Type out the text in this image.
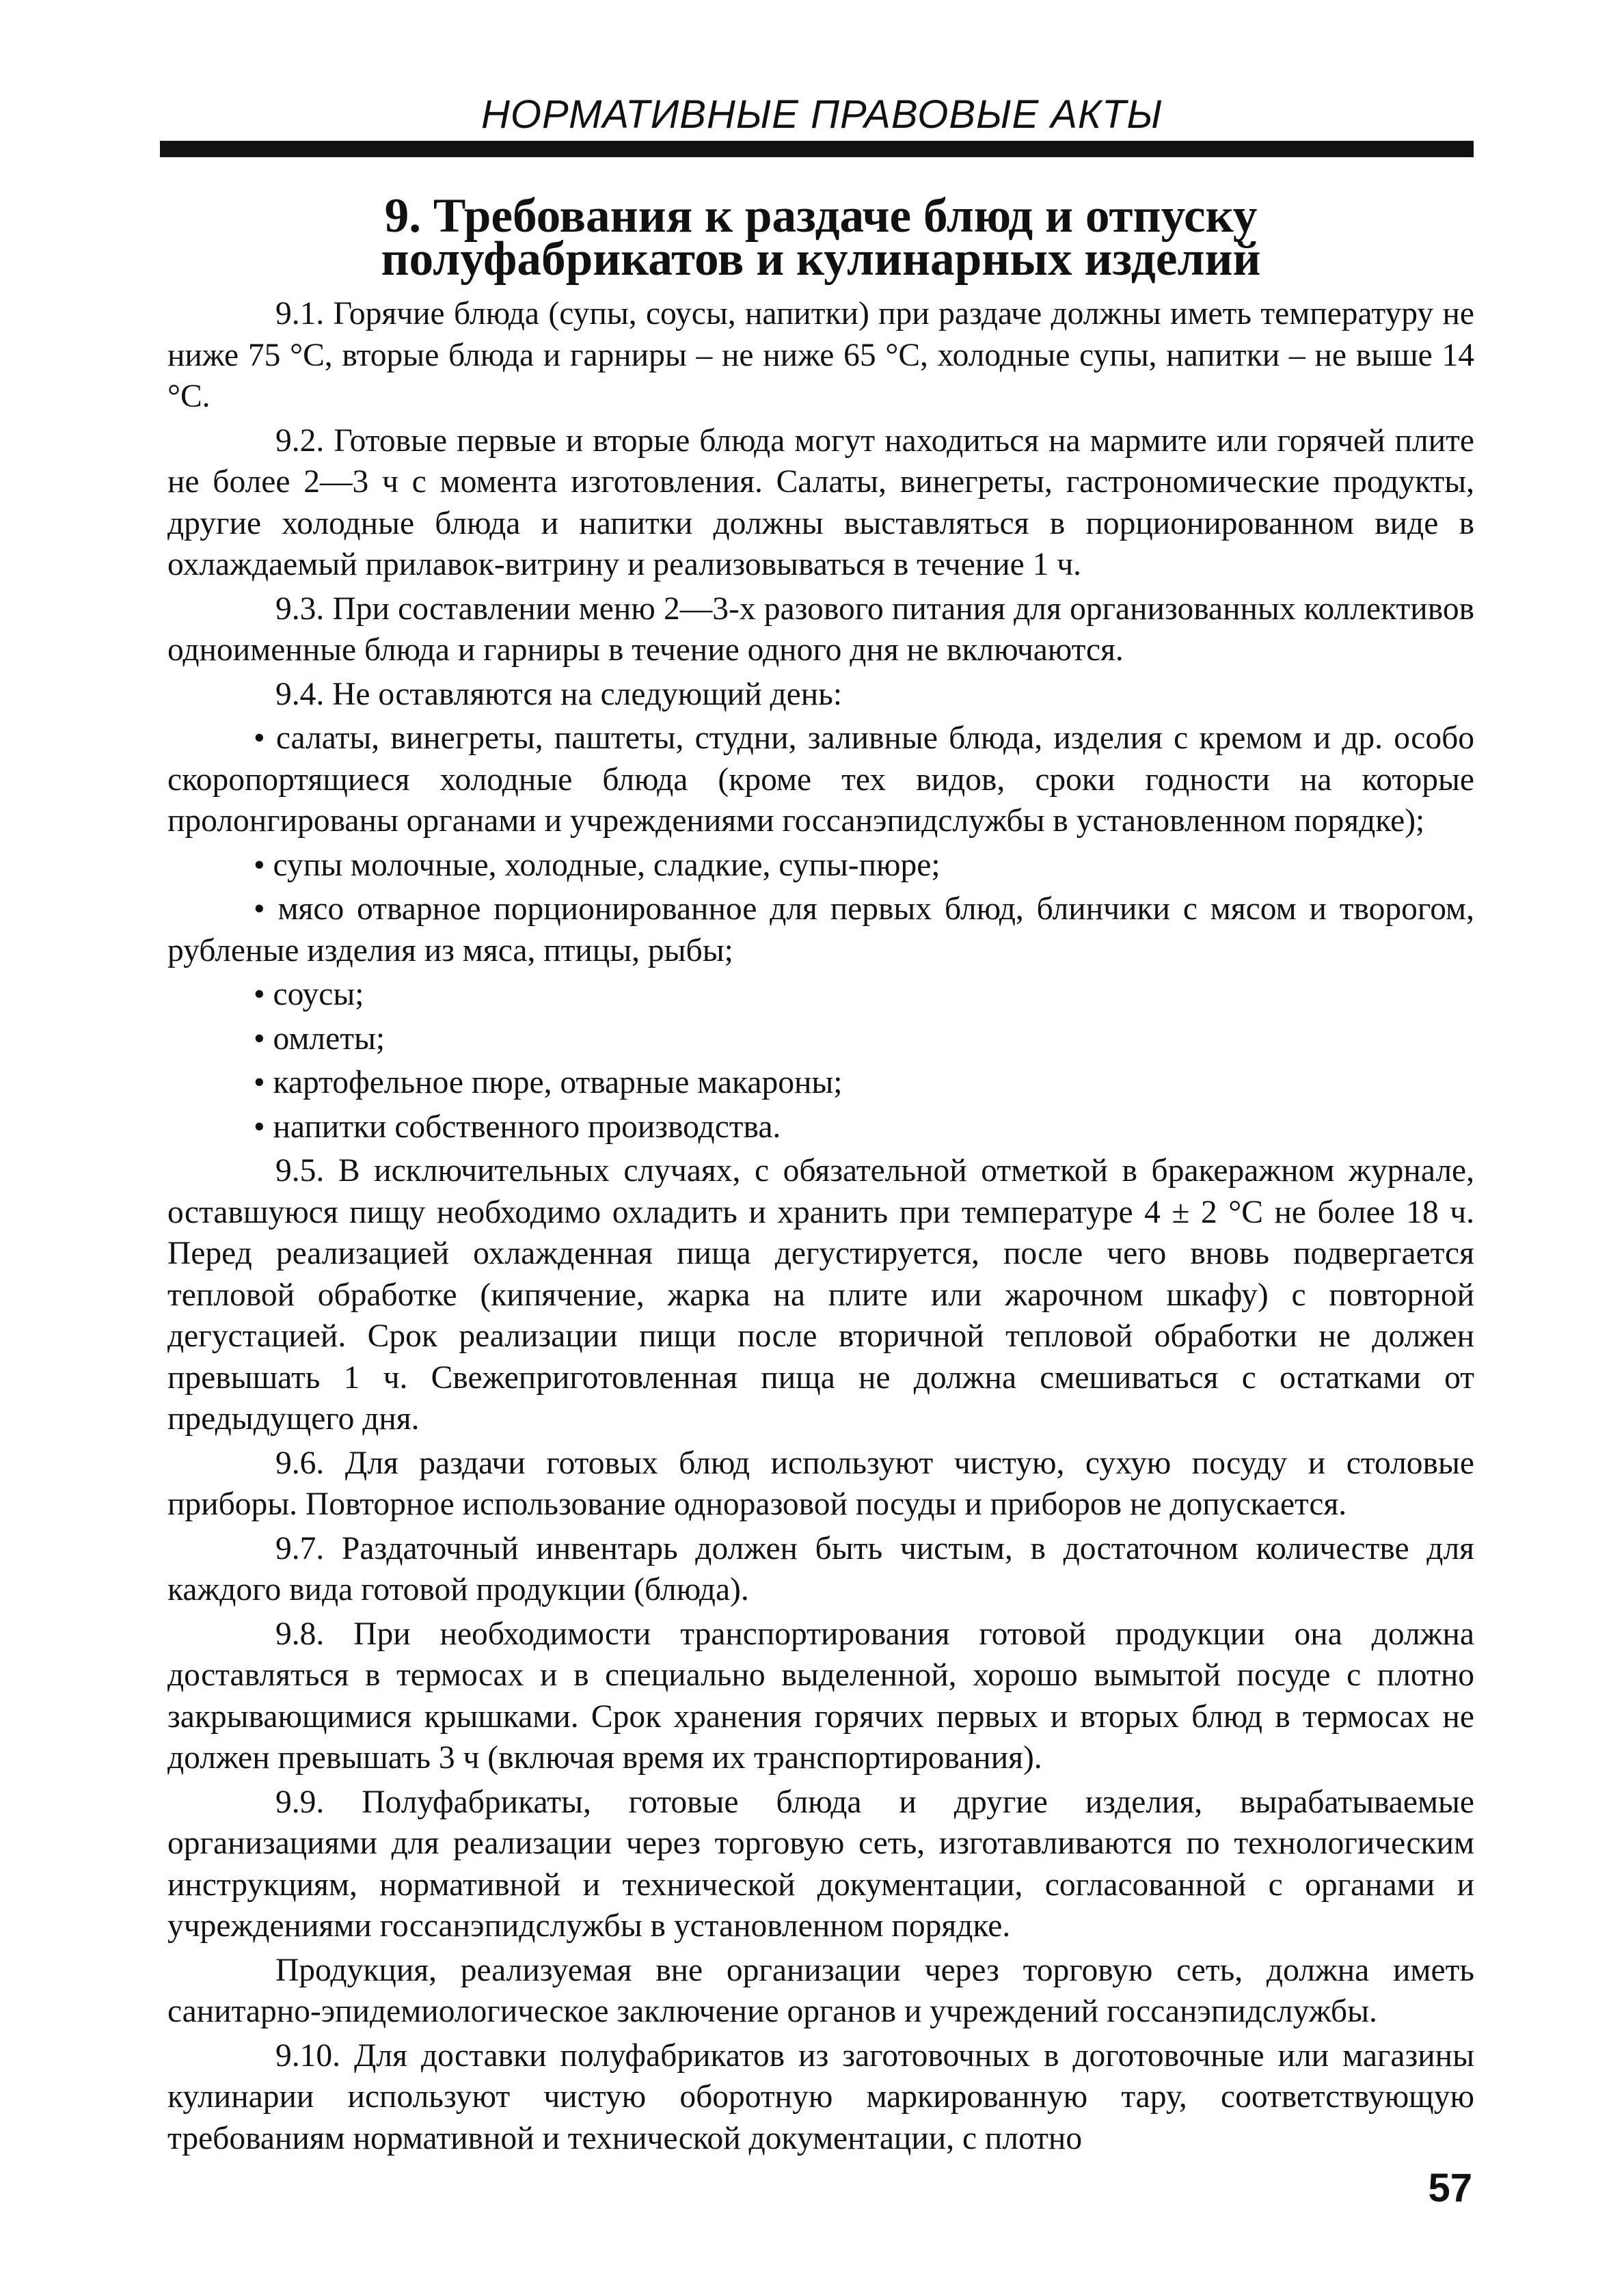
НОРМАТИВНЫЕ ПРАВОВЫЕ АКТЫ
9. Требования к раздаче блюд и отпуску
полуфабрикатов и кулинарных изделий

9.1. Горячие блюда (супы, соусы, напитки) при раздаче должны иметь температуру не ниже 75 °С, вторые блюда и гарниры – не ниже 65 °С, холодные супы, напитки – не выше 14 °С.

9.2. Готовые первые и вторые блюда могут находиться на мармите или горячей плите не более 2—3 ч с момента изготовления. Салаты, винегреты, гастрономические продукты, другие холодные блюда и напитки должны выставляться в порционированном виде в охлаждаемый прилавок-витрину и реализовываться в течение 1 ч.

9.3. При составлении меню 2—3-х разового питания для организованных коллективов одноименные блюда и гарниры в течение одного дня не включаются.

9.4. Не оставляются на следующий день:

• салаты, винегреты, паштеты, студни, заливные блюда, изделия с кремом и др. особо скоропортящиеся холодные блюда (кроме тех видов, сроки годности на которые пролонгированы органами и учреждениями госсанэпидслужбы в установленном порядке);

• супы молочные, холодные, сладкие, супы-пюре;

• мясо отварное порционированное для первых блюд, блинчики с мясом и творогом, рубленые изделия из мяса, птицы, рыбы;

• соусы;

• омлеты;

• картофельное пюре, отварные макароны;

• напитки собственного производства.

9.5. В исключительных случаях, с обязательной отметкой в бракеражном журнале, оставшуюся пищу необходимо охладить и хранить при температуре 4 ± 2 °С не более 18 ч. Перед реализацией охлажденная пища дегустируется, после чего вновь подвергается тепловой обработке (кипячение, жарка на плите или жарочном шкафу) с повторной дегустацией. Срок реализации пищи после вторичной тепловой обработки не должен превышать 1 ч. Свежеприготовленная пища не должна смешиваться с остатками от предыдущего дня.

9.6. Для раздачи готовых блюд используют чистую, сухую посуду и столовые приборы. Повторное использование одноразовой посуды и приборов не допускается.

9.7. Раздаточный инвентарь должен быть чистым, в достаточном количестве для каждого вида готовой продукции (блюда).

9.8. При необходимости транспортирования готовой продукции она должна доставляться в термосах и в специально выделенной, хорошо вымытой посуде с плотно закрывающимися крышками. Срок хранения горячих первых и вторых блюд в термосах не должен превышать 3 ч (включая время их транспортирования).

9.9. Полуфабрикаты, готовые блюда и другие изделия, вырабатываемые организациями для реализации через торговую сеть, изготавливаются по технологическим инструкциям, нормативной и технической документации, согласованной с органами и учреждениями госсанэпидслужбы в установленном порядке.

Продукция, реализуемая вне организации через торговую сеть, должна иметь санитарно-эпидемиологическое заключение органов и учреждений госсанэпидслужбы.

9.10. Для доставки полуфабрикатов из заготовочных в доготовочные или магазины кулинарии используют чистую оборотную маркированную тару, соответствующую требованиям нормативной и технической документации, с плотно

57
